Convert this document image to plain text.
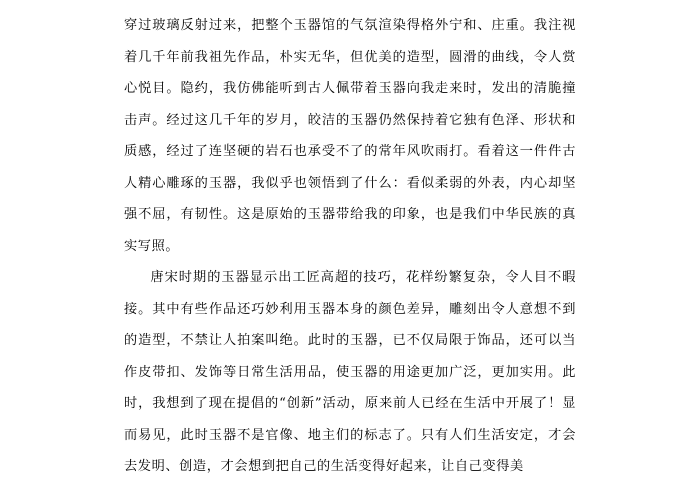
穿过玻璃反射过来，把整个玉器馆的气氛渲染得格外宁和、庄重。我注视着几千年前我祖先作品，朴实无华，但优美的造型，圆滑的曲线，令人赏心悦目。隐约，我仿佛能听到古人佩带着玉器向我走来时，发出的清脆撞击声。经过这几千年的岁月，皎洁的玉器仍然保持着它独有色泽、形状和质感，经过了连坚硬的岩石也承受不了的常年风吹雨打。看着这一件件古人精心雕琢的玉器，我似乎也领悟到了什么：看似柔弱的外表，内心却坚强不屈，有韧性。这是原始的玉器带给我的印象，也是我们中华民族的真实写照。

唐宋时期的玉器显示出工匠高超的技巧，花样纷繁复杂，令人目不暇接。其中有些作品还巧妙利用玉器本身的颜色差异，雕刻出令人意想不到的造型，不禁让人拍案叫绝。此时的玉器，已不仅局限于饰品，还可以当作皮带扣、发饰等日常生活用品，使玉器的用途更加广泛，更加实用。此时，我想到了现在提倡的“创新”活动，原来前人已经在生活中开展了！显而易见，此时玉器不是官像、地主们的标志了。只有人们生活安定，才会去发明、创造，才会想到把自己的生活变得好起来，让自己变得美
